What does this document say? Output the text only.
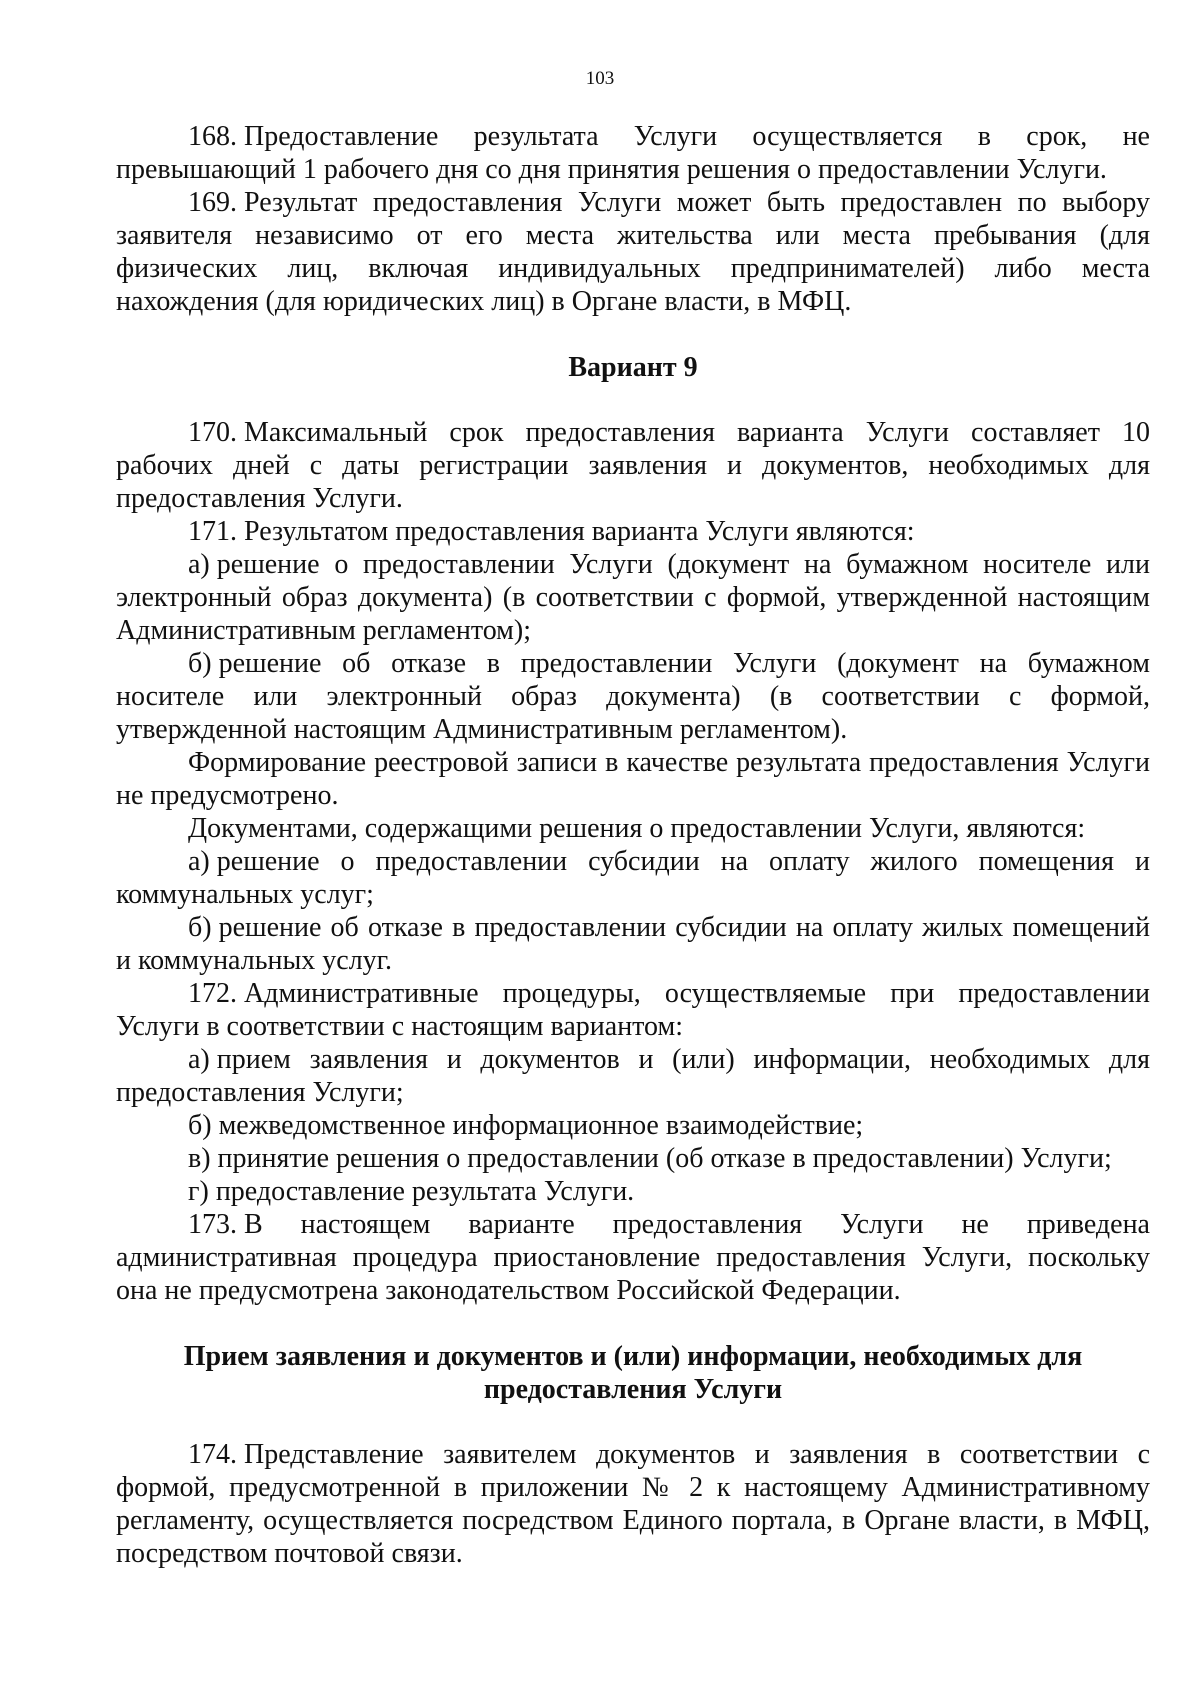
103

168. Предоставление результата Услуги осуществляется в срок, не превышающий 1 рабочего дня со дня принятия решения о предоставлении Услуги.

169. Результат предоставления Услуги может быть предоставлен по выбору заявителя независимо от его места жительства или места пребывания (для физических лиц, включая индивидуальных предпринимателей) либо места нахождения (для юридических лиц) в Органе власти, в МФЦ.

Вариант 9

170. Максимальный срок предоставления варианта Услуги составляет 10 рабочих дней с даты регистрации заявления и документов, необходимых для предоставления Услуги.

171. Результатом предоставления варианта Услуги являются:

а) решение о предоставлении Услуги (документ на бумажном носителе или электронный образ документа) (в соответствии с формой, утвержденной настоящим Административным регламентом);

б) решение об отказе в предоставлении Услуги (документ на бумажном носителе или электронный образ документа) (в соответствии с формой, утвержденной настоящим Административным регламентом).

Формирование реестровой записи в качестве результата предоставления Услуги не предусмотрено.

Документами, содержащими решения о предоставлении Услуги, являются:

а) решение о предоставлении субсидии на оплату жилого помещения и коммунальных услуг;

б) решение об отказе в предоставлении субсидии на оплату жилых помещений и коммунальных услуг.

172. Административные процедуры, осуществляемые при предоставлении Услуги в соответствии с настоящим вариантом:

а) прием заявления и документов и (или) информации, необходимых для предоставления Услуги;

б) межведомственное информационное взаимодействие;

в) принятие решения о предоставлении (об отказе в предоставлении) Услуги;

г) предоставление результата Услуги.

173. В настоящем варианте предоставления Услуги не приведена административная процедура приостановление предоставления Услуги, поскольку она не предусмотрена законодательством Российской Федерации.

Прием заявления и документов и (или) информации, необходимых для
предоставления Услуги

174. Представление заявителем документов и заявления в соответствии с формой, предусмотренной в приложении № 2 к настоящему Административному регламенту, осуществляется посредством Единого портала, в Органе власти, в МФЦ, посредством почтовой связи.
